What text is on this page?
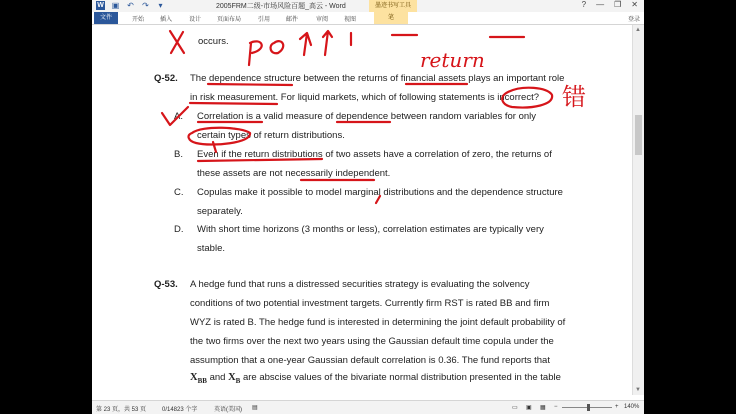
W ▣ ↶ ↷	▾	2005FRM二级-市场风险百题_高云 - Word	墨迹书写工具	? — ❐ ✕
文件	开始	插入	设计	页面布局	引用	邮件	审阅	视图	笔	登录
occurs.
Q-52. The dependence structure between the returns of financial assets plays an important role
in risk measurement. For liquid markets, which of following statements is incorrect?
A. Correlation is a valid measure of dependence between random variables for only
certain types of return distributions.
B. Even if the return distributions of two assets have a correlation of zero, the returns of
these assets are not necessarily independent.
C. Copulas make it possible to model marginal distributions and the dependence structure
separately.
D. With short time horizons (3 months or less), correlation estimates are typically very
stable.
Q-53. A hedge fund that runs a distressed securities strategy is evaluating the solvency
conditions of two potential investment targets. Currently firm RST is rated BB and firm
WYZ is rated B. The hedge fund is interested in determining the joint default probability of
the two firms over the next two years using the Gaussian default time copula under the
assumption that a one-year Gaussian default correlation is 0.36. The fund reports that
$X_{BB}$ and $X_B$ are abscise values of the bivariate normal distribution presented in the table
return
错
▲
▼
第 23 页，共 53 页	0/14823 个字	英语(美国) ▤	▭ ▣ ▦ −	+ 140%
